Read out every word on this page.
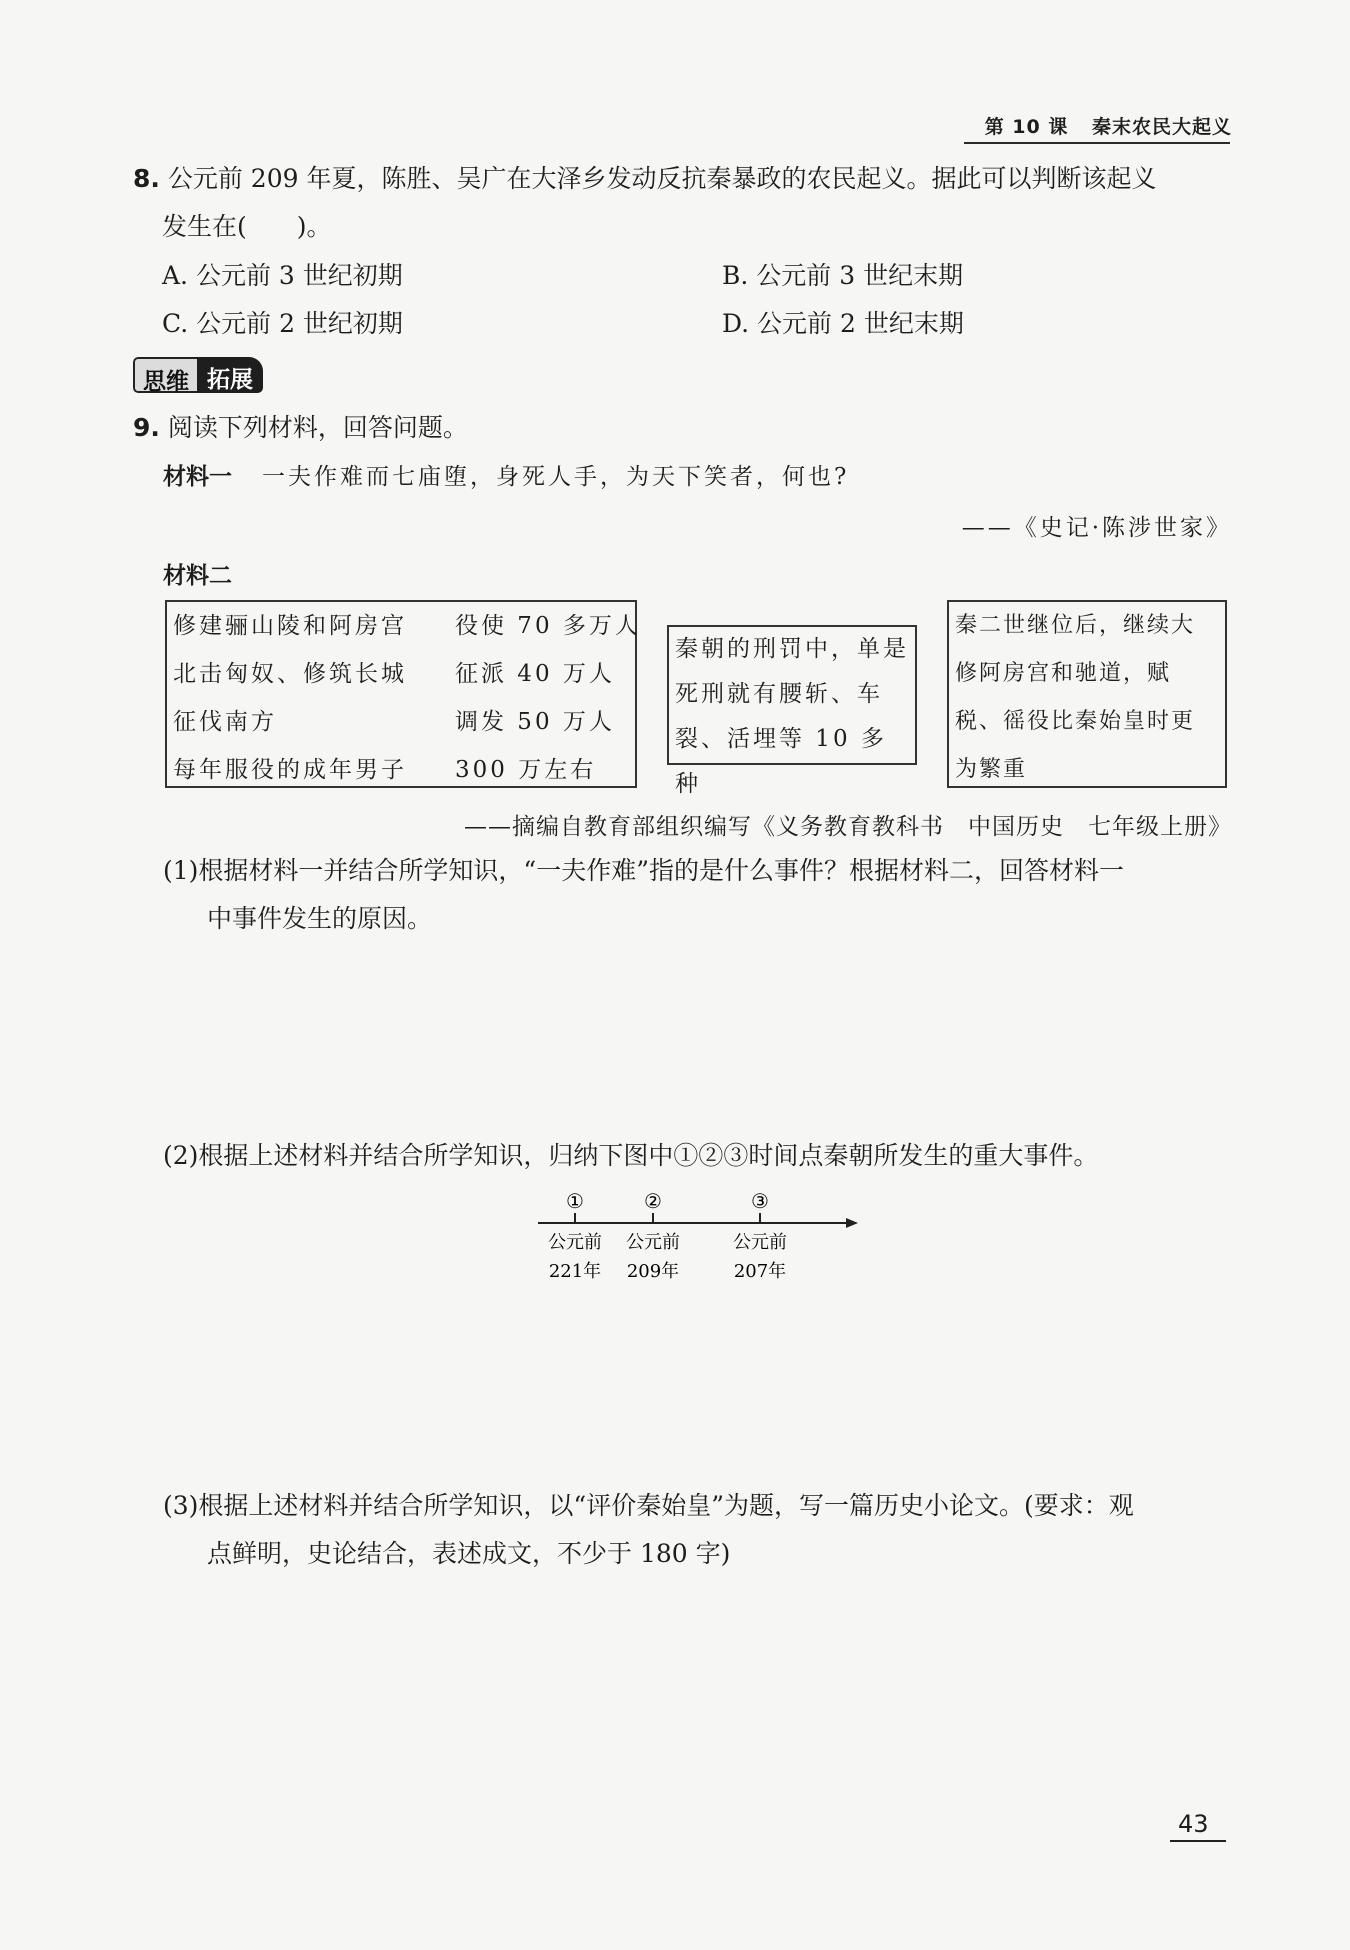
第 10 课 秦末农民大起义
8. 公元前 209 年夏，陈胜、吴广在大泽乡发动反抗秦暴政的农民起义。据此可以判断该起义
发生在(　　)。
A. 公元前 3 世纪初期	B. 公元前 3 世纪末期
C. 公元前 2 世纪初期	D. 公元前 2 世纪末期
思维 拓展
9. 阅读下列材料，回答问题。
材料一 一夫作难而七庙堕，身死人手，为天下笑者，何也?
——《史记·陈涉世家》
材料二
修建骊山陵和阿房宫	役使 70 多万人
北击匈奴、修筑长城	征派 40 万人
征伐南方	调发 50 万人
每年服役的成年男子	300 万左右
秦朝的刑罚中，单是
死刑就有腰斩、车
裂、活埋等 10 多种
秦二世继位后，继续大
修阿房宫和驰道，赋
税、徭役比秦始皇时更
为繁重
——摘编自教育部组织编写《义务教育教科书　中国历史　七年级上册》
(1)根据材料一并结合所学知识，“一夫作难”指的是什么事件？根据材料二，回答材料一
中事件发生的原因。
(2)根据上述材料并结合所学知识，归纳下图中①②③时间点秦朝所发生的重大事件。
①	②	③
公元前 公元前	公元前
221年 209年	207年
(3)根据上述材料并结合所学知识，以“评价秦始皇”为题，写一篇历史小论文。(要求：观
点鲜明，史论结合，表述成文，不少于 180 字)
43
